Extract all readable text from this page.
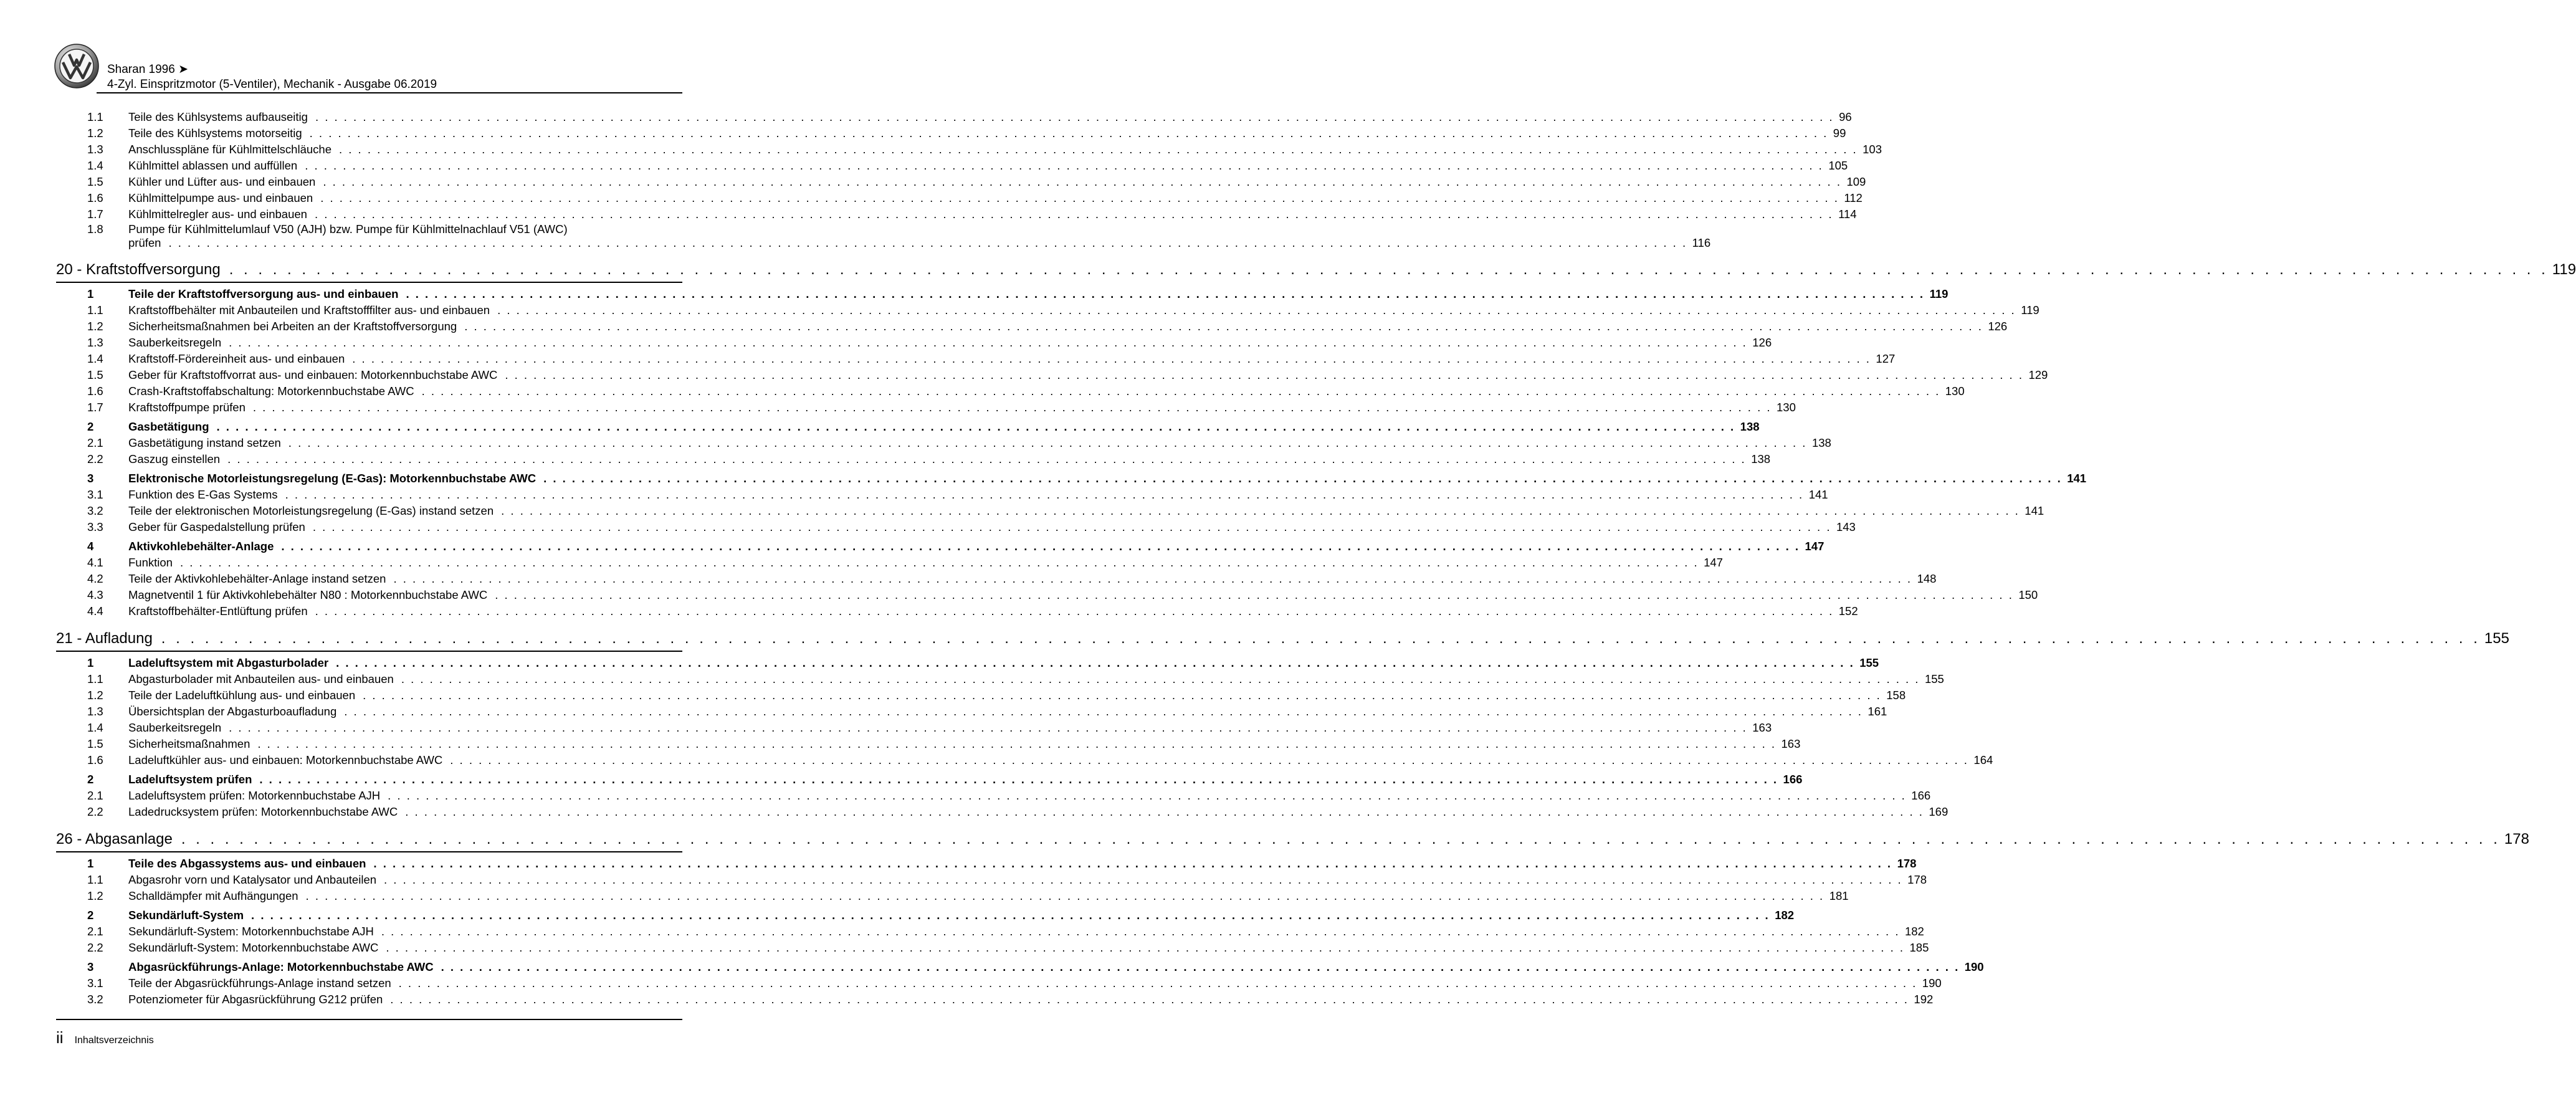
Sharan 1996 ➤
4-Zyl. Einspritzmotor (5-Ventiler), Mechanik - Ausgabe 06.2019
1.1	Teile des Kühlsystems aufbauseitig . . . . . . . . . . . . . . . . . . . . . . . . . . . . . . . . . . . . . . . . . . . . . . . . . . . . . . . . . . . . . . . . . . . . . . . . . . . . . . . . . . . . . . . . . . . . . . . . . . . . . . . . . . . . . . . . . . . . . . . . . . . . . . . . . . . . . . . . . . . . . . . . . . . . . . . . . . . . . . . . 96
1.2	Teile des Kühlsystems motorseitig . . . . . . . . . . . . . . . . . . . . . . . . . . . . . . . . . . . . . . . . . . . . . . . . . . . . . . . . . . . . . . . . . . . . . . . . . . . . . . . . . . . . . . . . . . . . . . . . . . . . . . . . . . . . . . . . . . . . . . . . . . . . . . . . . . . . . . . . . . . . . . . . . . . . . . . . . . . . . . . . 99
1.3	Anschlusspläne für Kühlmittelschläuche . . . . . . . . . . . . . . . . . . . . . . . . . . . . . . . . . . . . . . . . . . . . . . . . . . . . . . . . . . . . . . . . . . . . . . . . . . . . . . . . . . . . . . . . . . . . . . . . . . . . . . . . . . . . . . . . . . . . . . . . . . . . . . . . . . . . . . . . . . . . . . . . . . . . . . . . . . . . . . . . 103
1.4	Kühlmittel ablassen und auffüllen . . . . . . . . . . . . . . . . . . . . . . . . . . . . . . . . . . . . . . . . . . . . . . . . . . . . . . . . . . . . . . . . . . . . . . . . . . . . . . . . . . . . . . . . . . . . . . . . . . . . . . . . . . . . . . . . . . . . . . . . . . . . . . . . . . . . . . . . . . . . . . . . . . . . . . . . . . . . . . . . 105
1.5	Kühler und Lüfter aus- und einbauen . . . . . . . . . . . . . . . . . . . . . . . . . . . . . . . . . . . . . . . . . . . . . . . . . . . . . . . . . . . . . . . . . . . . . . . . . . . . . . . . . . . . . . . . . . . . . . . . . . . . . . . . . . . . . . . . . . . . . . . . . . . . . . . . . . . . . . . . . . . . . . . . . . . . . . . . . . . . . . . . 109
1.6	Kühlmittelpumpe aus- und einbauen . . . . . . . . . . . . . . . . . . . . . . . . . . . . . . . . . . . . . . . . . . . . . . . . . . . . . . . . . . . . . . . . . . . . . . . . . . . . . . . . . . . . . . . . . . . . . . . . . . . . . . . . . . . . . . . . . . . . . . . . . . . . . . . . . . . . . . . . . . . . . . . . . . . . . . . . . . . . . . . . 112
1.7	Kühlmittelregler aus- und einbauen . . . . . . . . . . . . . . . . . . . . . . . . . . . . . . . . . . . . . . . . . . . . . . . . . . . . . . . . . . . . . . . . . . . . . . . . . . . . . . . . . . . . . . . . . . . . . . . . . . . . . . . . . . . . . . . . . . . . . . . . . . . . . . . . . . . . . . . . . . . . . . . . . . . . . . . . . . . . . . . . 114
1.8	Pumpe für Kühlmittelumlauf V50 (AJH) bzw. Pumpe für Kühlmittelnachlauf V51 (AWC)
prüfen . . . . . . . . . . . . . . . . . . . . . . . . . . . . . . . . . . . . . . . . . . . . . . . . . . . . . . . . . . . . . . . . . . . . . . . . . . . . . . . . . . . . . . . . . . . . . . . . . . . . . . . . . . . . . . . . . . . . . . . . . . . . . . . . . . . . . . . . . . . . . . . . . . . . . . . . . . . . . . . . 116
20 - Kraftstoffversorgung . . . . . . . . . . . . . . . . . . . . . . . . . . . . . . . . . . . . . . . . . . . . . . . . . . . . . . . . . . . . . . . . . . . . . . . . . . . . . . . . . . . . . . . . . . . . . . . . . . . . . . . . . . . . . . . . . . . . . . . . . . . . . . . . . . . . . . . . . . . . . . . . . . . . . . . . . . . . . . . . 119
1	Teile der Kraftstoffversorgung aus- und einbauen . . . . . . . . . . . . . . . . . . . . . . . . . . . . . . . . . . . . . . . . . . . . . . . . . . . . . . . . . . . . . . . . . . . . . . . . . . . . . . . . . . . . . . . . . . . . . . . . . . . . . . . . . . . . . . . . . . . . . . . . . . . . . . . . . . . . . . . . . . . . . . . . . . . . . . . . . . . . . . . . 119
1.1	Kraftstoffbehälter mit Anbauteilen und Kraftstofffilter aus- und einbauen . . . . . . . . . . . . . . . . . . . . . . . . . . . . . . . . . . . . . . . . . . . . . . . . . . . . . . . . . . . . . . . . . . . . . . . . . . . . . . . . . . . . . . . . . . . . . . . . . . . . . . . . . . . . . . . . . . . . . . . . . . . . . . . . . . . . . . . . . . . . . . . . . . . . . . . . . . . . . . . . 119
1.2	Sicherheitsmaßnahmen bei Arbeiten an der Kraftstoffversorgung . . . . . . . . . . . . . . . . . . . . . . . . . . . . . . . . . . . . . . . . . . . . . . . . . . . . . . . . . . . . . . . . . . . . . . . . . . . . . . . . . . . . . . . . . . . . . . . . . . . . . . . . . . . . . . . . . . . . . . . . . . . . . . . . . . . . . . . . . . . . . . . . . . . . . . . . . . . . . . . . 126
1.3	Sauberkeitsregeln . . . . . . . . . . . . . . . . . . . . . . . . . . . . . . . . . . . . . . . . . . . . . . . . . . . . . . . . . . . . . . . . . . . . . . . . . . . . . . . . . . . . . . . . . . . . . . . . . . . . . . . . . . . . . . . . . . . . . . . . . . . . . . . . . . . . . . . . . . . . . . . . . . . . . . . . . . . . . . . . 126
1.4	Kraftstoff-Fördereinheit aus- und einbauen . . . . . . . . . . . . . . . . . . . . . . . . . . . . . . . . . . . . . . . . . . . . . . . . . . . . . . . . . . . . . . . . . . . . . . . . . . . . . . . . . . . . . . . . . . . . . . . . . . . . . . . . . . . . . . . . . . . . . . . . . . . . . . . . . . . . . . . . . . . . . . . . . . . . . . . . . . . . . . . . 127
1.5	Geber für Kraftstoffvorrat aus- und einbauen: Motorkennbuchstabe AWC . . . . . . . . . . . . . . . . . . . . . . . . . . . . . . . . . . . . . . . . . . . . . . . . . . . . . . . . . . . . . . . . . . . . . . . . . . . . . . . . . . . . . . . . . . . . . . . . . . . . . . . . . . . . . . . . . . . . . . . . . . . . . . . . . . . . . . . . . . . . . . . . . . . . . . . . . . . . . . . . 129
1.6	Crash-Kraftstoffabschaltung: Motorkennbuchstabe AWC . . . . . . . . . . . . . . . . . . . . . . . . . . . . . . . . . . . . . . . . . . . . . . . . . . . . . . . . . . . . . . . . . . . . . . . . . . . . . . . . . . . . . . . . . . . . . . . . . . . . . . . . . . . . . . . . . . . . . . . . . . . . . . . . . . . . . . . . . . . . . . . . . . . . . . . . . . . . . . . . 130
1.7	Kraftstoffpumpe prüfen . . . . . . . . . . . . . . . . . . . . . . . . . . . . . . . . . . . . . . . . . . . . . . . . . . . . . . . . . . . . . . . . . . . . . . . . . . . . . . . . . . . . . . . . . . . . . . . . . . . . . . . . . . . . . . . . . . . . . . . . . . . . . . . . . . . . . . . . . . . . . . . . . . . . . . . . . . . . . . . . 130
2	Gasbetätigung . . . . . . . . . . . . . . . . . . . . . . . . . . . . . . . . . . . . . . . . . . . . . . . . . . . . . . . . . . . . . . . . . . . . . . . . . . . . . . . . . . . . . . . . . . . . . . . . . . . . . . . . . . . . . . . . . . . . . . . . . . . . . . . . . . . . . . . . . . . . . . . . . . . . . . . . . . . . . . . . 138
2.1	Gasbetätigung instand setzen . . . . . . . . . . . . . . . . . . . . . . . . . . . . . . . . . . . . . . . . . . . . . . . . . . . . . . . . . . . . . . . . . . . . . . . . . . . . . . . . . . . . . . . . . . . . . . . . . . . . . . . . . . . . . . . . . . . . . . . . . . . . . . . . . . . . . . . . . . . . . . . . . . . . . . . . . . . . . . . . 138
2.2	Gaszug einstellen . . . . . . . . . . . . . . . . . . . . . . . . . . . . . . . . . . . . . . . . . . . . . . . . . . . . . . . . . . . . . . . . . . . . . . . . . . . . . . . . . . . . . . . . . . . . . . . . . . . . . . . . . . . . . . . . . . . . . . . . . . . . . . . . . . . . . . . . . . . . . . . . . . . . . . . . . . . . . . . . 138
3	Elektronische Motorleistungsregelung (E-Gas): Motorkennbuchstabe AWC . . . . . . . . . . . . . . . . . . . . . . . . . . . . . . . . . . . . . . . . . . . . . . . . . . . . . . . . . . . . . . . . . . . . . . . . . . . . . . . . . . . . . . . . . . . . . . . . . . . . . . . . . . . . . . . . . . . . . . . . . . . . . . . . . . . . . . . . . . . . . . . . . . . . . . . . . . . . . . . . 141
3.1	Funktion des E-Gas Systems . . . . . . . . . . . . . . . . . . . . . . . . . . . . . . . . . . . . . . . . . . . . . . . . . . . . . . . . . . . . . . . . . . . . . . . . . . . . . . . . . . . . . . . . . . . . . . . . . . . . . . . . . . . . . . . . . . . . . . . . . . . . . . . . . . . . . . . . . . . . . . . . . . . . . . . . . . . . . . . . 141
3.2	Teile der elektronischen Motorleistungsregelung (E-Gas) instand setzen . . . . . . . . . . . . . . . . . . . . . . . . . . . . . . . . . . . . . . . . . . . . . . . . . . . . . . . . . . . . . . . . . . . . . . . . . . . . . . . . . . . . . . . . . . . . . . . . . . . . . . . . . . . . . . . . . . . . . . . . . . . . . . . . . . . . . . . . . . . . . . . . . . . . . . . . . . . . . . . . 141
3.3	Geber für Gaspedalstellung prüfen . . . . . . . . . . . . . . . . . . . . . . . . . . . . . . . . . . . . . . . . . . . . . . . . . . . . . . . . . . . . . . . . . . . . . . . . . . . . . . . . . . . . . . . . . . . . . . . . . . . . . . . . . . . . . . . . . . . . . . . . . . . . . . . . . . . . . . . . . . . . . . . . . . . . . . . . . . . . . . . . 143
4	Aktivkohlebehälter-Anlage . . . . . . . . . . . . . . . . . . . . . . . . . . . . . . . . . . . . . . . . . . . . . . . . . . . . . . . . . . . . . . . . . . . . . . . . . . . . . . . . . . . . . . . . . . . . . . . . . . . . . . . . . . . . . . . . . . . . . . . . . . . . . . . . . . . . . . . . . . . . . . . . . . . . . . . . . . . . . . . . 147
4.1	Funktion . . . . . . . . . . . . . . . . . . . . . . . . . . . . . . . . . . . . . . . . . . . . . . . . . . . . . . . . . . . . . . . . . . . . . . . . . . . . . . . . . . . . . . . . . . . . . . . . . . . . . . . . . . . . . . . . . . . . . . . . . . . . . . . . . . . . . . . . . . . . . . . . . . . . . . . . . . . . . . . . 147
4.2	Teile der Aktivkohlebehälter-Anlage instand setzen . . . . . . . . . . . . . . . . . . . . . . . . . . . . . . . . . . . . . . . . . . . . . . . . . . . . . . . . . . . . . . . . . . . . . . . . . . . . . . . . . . . . . . . . . . . . . . . . . . . . . . . . . . . . . . . . . . . . . . . . . . . . . . . . . . . . . . . . . . . . . . . . . . . . . . . . . . . . . . . . 148
4.3	Magnetventil 1 für Aktivkohlebehälter N80 : Motorkennbuchstabe AWC . . . . . . . . . . . . . . . . . . . . . . . . . . . . . . . . . . . . . . . . . . . . . . . . . . . . . . . . . . . . . . . . . . . . . . . . . . . . . . . . . . . . . . . . . . . . . . . . . . . . . . . . . . . . . . . . . . . . . . . . . . . . . . . . . . . . . . . . . . . . . . . . . . . . . . . . . . . . . . . . 150
4.4	Kraftstoffbehälter-Entlüftung prüfen . . . . . . . . . . . . . . . . . . . . . . . . . . . . . . . . . . . . . . . . . . . . . . . . . . . . . . . . . . . . . . . . . . . . . . . . . . . . . . . . . . . . . . . . . . . . . . . . . . . . . . . . . . . . . . . . . . . . . . . . . . . . . . . . . . . . . . . . . . . . . . . . . . . . . . . . . . . . . . . . 152
21 - Aufladung . . . . . . . . . . . . . . . . . . . . . . . . . . . . . . . . . . . . . . . . . . . . . . . . . . . . . . . . . . . . . . . . . . . . . . . . . . . . . . . . . . . . . . . . . . . . . . . . . . . . . . . . . . . . . . . . . . . . . . . . . . . . . . . . . . . . . . . . . . . . . . . . . . . . . . . . . . . . . . . . 155
1	Ladeluftsystem mit Abgasturbolader . . . . . . . . . . . . . . . . . . . . . . . . . . . . . . . . . . . . . . . . . . . . . . . . . . . . . . . . . . . . . . . . . . . . . . . . . . . . . . . . . . . . . . . . . . . . . . . . . . . . . . . . . . . . . . . . . . . . . . . . . . . . . . . . . . . . . . . . . . . . . . . . . . . . . . . . . . . . . . . . 155
1.1	Abgasturbolader mit Anbauteilen aus- und einbauen . . . . . . . . . . . . . . . . . . . . . . . . . . . . . . . . . . . . . . . . . . . . . . . . . . . . . . . . . . . . . . . . . . . . . . . . . . . . . . . . . . . . . . . . . . . . . . . . . . . . . . . . . . . . . . . . . . . . . . . . . . . . . . . . . . . . . . . . . . . . . . . . . . . . . . . . . . . . . . . . 155
1.2	Teile der Ladeluftkühlung aus- und einbauen . . . . . . . . . . . . . . . . . . . . . . . . . . . . . . . . . . . . . . . . . . . . . . . . . . . . . . . . . . . . . . . . . . . . . . . . . . . . . . . . . . . . . . . . . . . . . . . . . . . . . . . . . . . . . . . . . . . . . . . . . . . . . . . . . . . . . . . . . . . . . . . . . . . . . . . . . . . . . . . . 158
1.3	Übersichtsplan der Abgasturboaufladung . . . . . . . . . . . . . . . . . . . . . . . . . . . . . . . . . . . . . . . . . . . . . . . . . . . . . . . . . . . . . . . . . . . . . . . . . . . . . . . . . . . . . . . . . . . . . . . . . . . . . . . . . . . . . . . . . . . . . . . . . . . . . . . . . . . . . . . . . . . . . . . . . . . . . . . . . . . . . . . . 161
1.4	Sauberkeitsregeln . . . . . . . . . . . . . . . . . . . . . . . . . . . . . . . . . . . . . . . . . . . . . . . . . . . . . . . . . . . . . . . . . . . . . . . . . . . . . . . . . . . . . . . . . . . . . . . . . . . . . . . . . . . . . . . . . . . . . . . . . . . . . . . . . . . . . . . . . . . . . . . . . . . . . . . . . . . . . . . . 163
1.5	Sicherheitsmaßnahmen . . . . . . . . . . . . . . . . . . . . . . . . . . . . . . . . . . . . . . . . . . . . . . . . . . . . . . . . . . . . . . . . . . . . . . . . . . . . . . . . . . . . . . . . . . . . . . . . . . . . . . . . . . . . . . . . . . . . . . . . . . . . . . . . . . . . . . . . . . . . . . . . . . . . . . . . . . . . . . . . 163
1.6	Ladeluftkühler aus- und einbauen: Motorkennbuchstabe AWC . . . . . . . . . . . . . . . . . . . . . . . . . . . . . . . . . . . . . . . . . . . . . . . . . . . . . . . . . . . . . . . . . . . . . . . . . . . . . . . . . . . . . . . . . . . . . . . . . . . . . . . . . . . . . . . . . . . . . . . . . . . . . . . . . . . . . . . . . . . . . . . . . . . . . . . . . . . . . . . . 164
2	Ladeluftsystem prüfen . . . . . . . . . . . . . . . . . . . . . . . . . . . . . . . . . . . . . . . . . . . . . . . . . . . . . . . . . . . . . . . . . . . . . . . . . . . . . . . . . . . . . . . . . . . . . . . . . . . . . . . . . . . . . . . . . . . . . . . . . . . . . . . . . . . . . . . . . . . . . . . . . . . . . . . . . . . . . . . . 166
2.1	Ladeluftsystem prüfen: Motorkennbuchstabe AJH . . . . . . . . . . . . . . . . . . . . . . . . . . . . . . . . . . . . . . . . . . . . . . . . . . . . . . . . . . . . . . . . . . . . . . . . . . . . . . . . . . . . . . . . . . . . . . . . . . . . . . . . . . . . . . . . . . . . . . . . . . . . . . . . . . . . . . . . . . . . . . . . . . . . . . . . . . . . . . . . 166
2.2	Ladedrucksystem prüfen: Motorkennbuchstabe AWC . . . . . . . . . . . . . . . . . . . . . . . . . . . . . . . . . . . . . . . . . . . . . . . . . . . . . . . . . . . . . . . . . . . . . . . . . . . . . . . . . . . . . . . . . . . . . . . . . . . . . . . . . . . . . . . . . . . . . . . . . . . . . . . . . . . . . . . . . . . . . . . . . . . . . . . . . . . . . . . . 169
26 - Abgasanlage . . . . . . . . . . . . . . . . . . . . . . . . . . . . . . . . . . . . . . . . . . . . . . . . . . . . . . . . . . . . . . . . . . . . . . . . . . . . . . . . . . . . . . . . . . . . . . . . . . . . . . . . . . . . . . . . . . . . . . . . . . . . . . . . . . . . . . . . . . . . . . . . . . . . . . . . . . . . . . . . 178
1	Teile des Abgassystems aus- und einbauen . . . . . . . . . . . . . . . . . . . . . . . . . . . . . . . . . . . . . . . . . . . . . . . . . . . . . . . . . . . . . . . . . . . . . . . . . . . . . . . . . . . . . . . . . . . . . . . . . . . . . . . . . . . . . . . . . . . . . . . . . . . . . . . . . . . . . . . . . . . . . . . . . . . . . . . . . . . . . . . . 178
1.1	Abgasrohr vorn und Katalysator und Anbauteilen . . . . . . . . . . . . . . . . . . . . . . . . . . . . . . . . . . . . . . . . . . . . . . . . . . . . . . . . . . . . . . . . . . . . . . . . . . . . . . . . . . . . . . . . . . . . . . . . . . . . . . . . . . . . . . . . . . . . . . . . . . . . . . . . . . . . . . . . . . . . . . . . . . . . . . . . . . . . . . . . 178
1.2	Schalldämpfer mit Aufhängungen . . . . . . . . . . . . . . . . . . . . . . . . . . . . . . . . . . . . . . . . . . . . . . . . . . . . . . . . . . . . . . . . . . . . . . . . . . . . . . . . . . . . . . . . . . . . . . . . . . . . . . . . . . . . . . . . . . . . . . . . . . . . . . . . . . . . . . . . . . . . . . . . . . . . . . . . . . . . . . . . 181
2	Sekundärluft-System . . . . . . . . . . . . . . . . . . . . . . . . . . . . . . . . . . . . . . . . . . . . . . . . . . . . . . . . . . . . . . . . . . . . . . . . . . . . . . . . . . . . . . . . . . . . . . . . . . . . . . . . . . . . . . . . . . . . . . . . . . . . . . . . . . . . . . . . . . . . . . . . . . . . . . . . . . . . . . . . 182
2.1	Sekundärluft-System: Motorkennbuchstabe AJH . . . . . . . . . . . . . . . . . . . . . . . . . . . . . . . . . . . . . . . . . . . . . . . . . . . . . . . . . . . . . . . . . . . . . . . . . . . . . . . . . . . . . . . . . . . . . . . . . . . . . . . . . . . . . . . . . . . . . . . . . . . . . . . . . . . . . . . . . . . . . . . . . . . . . . . . . . . . . . . . 182
2.2	Sekundärluft-System: Motorkennbuchstabe AWC . . . . . . . . . . . . . . . . . . . . . . . . . . . . . . . . . . . . . . . . . . . . . . . . . . . . . . . . . . . . . . . . . . . . . . . . . . . . . . . . . . . . . . . . . . . . . . . . . . . . . . . . . . . . . . . . . . . . . . . . . . . . . . . . . . . . . . . . . . . . . . . . . . . . . . . . . . . . . . . . 185
3	Abgasrückführungs-Anlage: Motorkennbuchstabe AWC . . . . . . . . . . . . . . . . . . . . . . . . . . . . . . . . . . . . . . . . . . . . . . . . . . . . . . . . . . . . . . . . . . . . . . . . . . . . . . . . . . . . . . . . . . . . . . . . . . . . . . . . . . . . . . . . . . . . . . . . . . . . . . . . . . . . . . . . . . . . . . . . . . . . . . . . . . . . . . . . 190
3.1	Teile der Abgasrückführungs-Anlage instand setzen . . . . . . . . . . . . . . . . . . . . . . . . . . . . . . . . . . . . . . . . . . . . . . . . . . . . . . . . . . . . . . . . . . . . . . . . . . . . . . . . . . . . . . . . . . . . . . . . . . . . . . . . . . . . . . . . . . . . . . . . . . . . . . . . . . . . . . . . . . . . . . . . . . . . . . . . . . . . . . . . 190
3.2	Potenziometer für Abgasrückführung G212 prüfen . . . . . . . . . . . . . . . . . . . . . . . . . . . . . . . . . . . . . . . . . . . . . . . . . . . . . . . . . . . . . . . . . . . . . . . . . . . . . . . . . . . . . . . . . . . . . . . . . . . . . . . . . . . . . . . . . . . . . . . . . . . . . . . . . . . . . . . . . . . . . . . . . . . . . . . . . . . . . . . . 192
ii Inhaltsverzeichnis
